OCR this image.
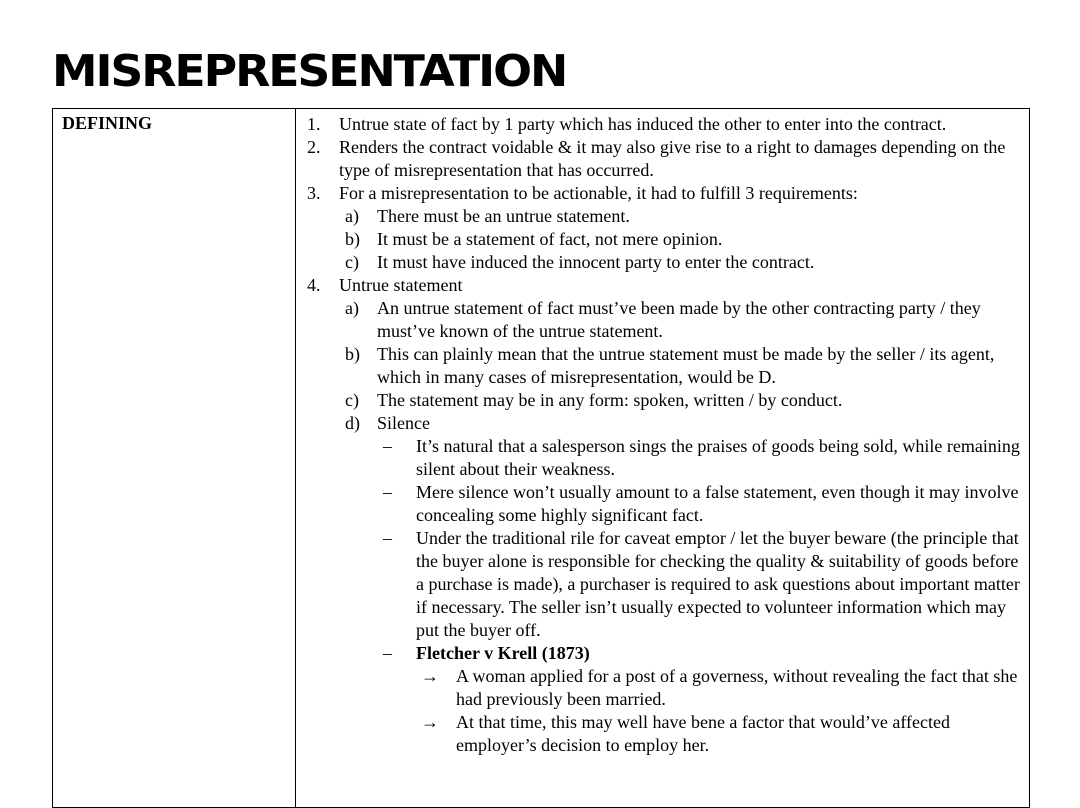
MISREPRESENTATION
DEFINING	1.	Untrue state of fact by 1 party which has induced the other to enter into the contract.
2.	Renders the contract voidable & it may also give rise to a right to damages depending on the type of misrepresentation that has occurred.
3.	For a misrepresentation to be actionable, it had to fulfill 3 requirements:
a)	There must be an untrue statement.
b) It must be a statement of fact, not mere opinion.
c)	It must have induced the innocent party to enter the contract.
4.	Untrue statement
a)	An untrue statement of fact must’ve been made by the other contracting party / they must’ve known of the untrue statement.
b) This can plainly mean that the untrue statement must be made by the seller / its agent, which in many cases of misrepresentation, would be D.
c)	The statement may be in any form: spoken, written / by conduct.
d) Silence
–	It’s natural that a salesperson sings the praises of goods being sold, while remaining silent about their weakness.
–	Mere silence won’t usually amount to a false statement, even though it may involve concealing some highly significant fact.
–	Under the traditional rile for caveat emptor / let the buyer beware (the principle that the buyer alone is responsible for checking the quality & suitability of goods before a purchase is made), a purchaser is required to ask questions about important matter if necessary. The seller isn’t usually expected to volunteer information which may put the buyer off.
–	Fletcher v Krell (1873)
→ A woman applied for a post of a governess, without revealing the fact that she had previously been married.
→ At that time, this may well have bene a factor that would’ve affected employer’s decision to employ her.
